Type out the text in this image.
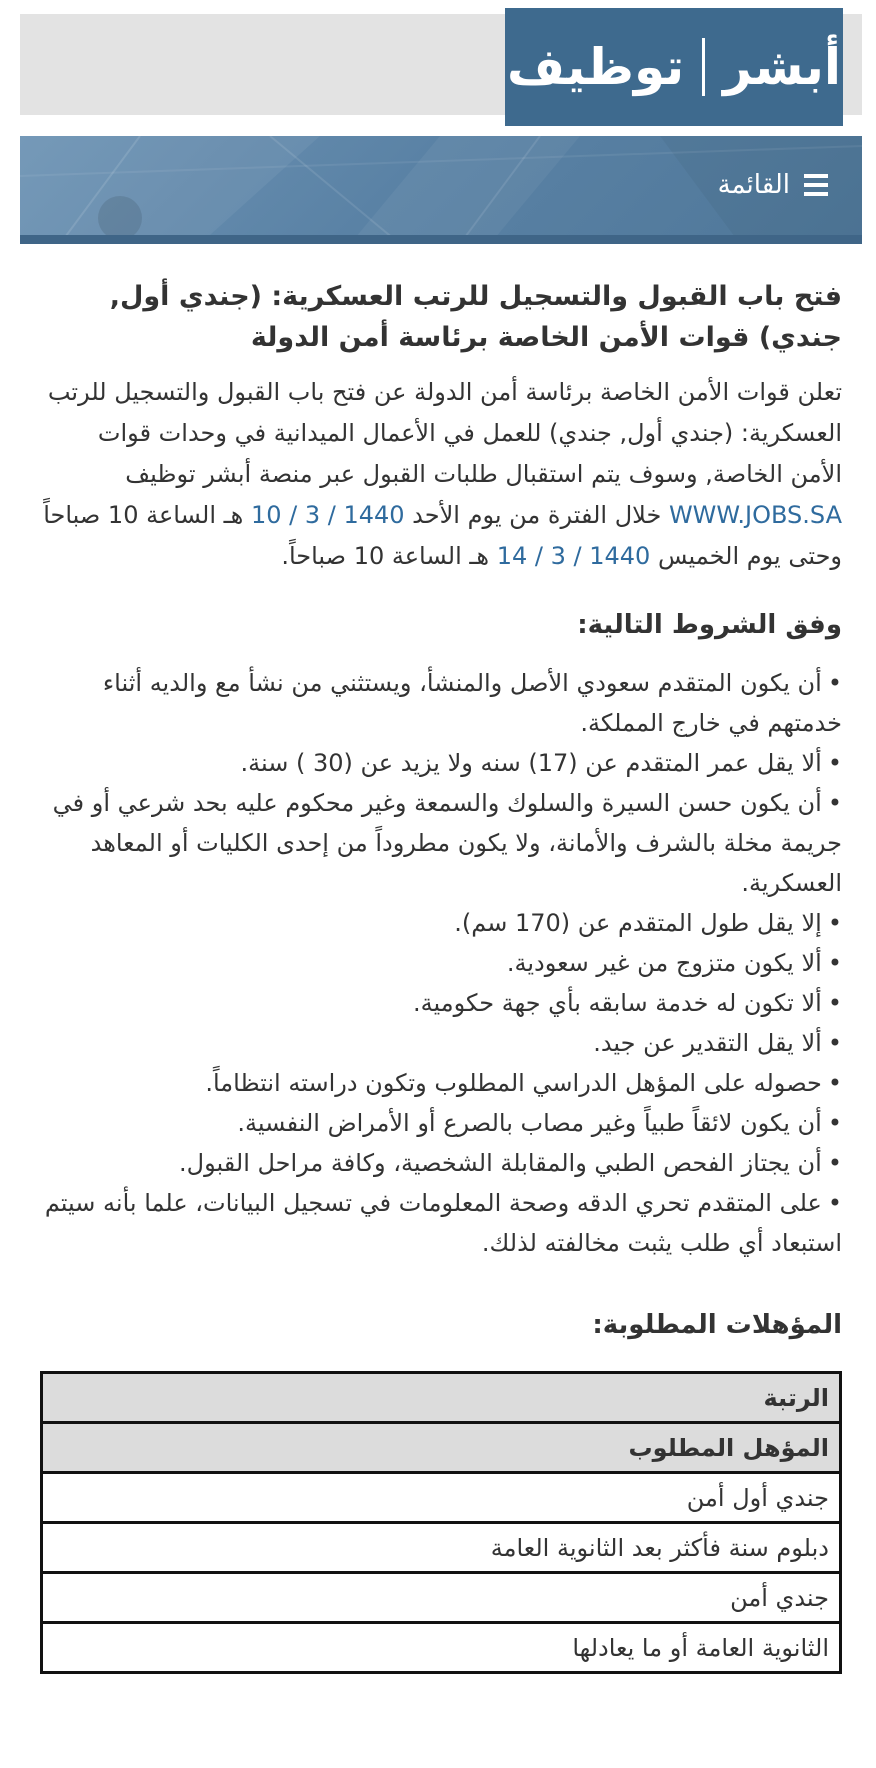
أبشر
توظيف
القائمة
فتح باب القبول والتسجيل للرتب العسكرية: (جندي أول, جندي) قوات الأمن الخاصة برئاسة أمن الدولة

تعلن قوات الأمن الخاصة برئاسة أمن الدولة عن فتح باب القبول والتسجيل للرتب العسكرية: (جندي أول, جندي) للعمل في الأعمال الميدانية في وحدات قوات الأمن الخاصة, وسوف يتم استقبال طلبات القبول عبر منصة أبشر توظيف WWW.JOBS.SA خلال الفترة من يوم الأحد 10 / 3 / 1440 هـ الساعة 10 صباحاً وحتى يوم الخميس 14 / 3 / 1440 هـ الساعة 10 صباحاً.

وفق الشروط التالية:
•أن يكون المتقدم سعودي الأصل والمنشأ، ويستثني من نشأ مع والديه أثناء خدمتهم في خارج المملكة.
•ألا يقل عمر المتقدم عن (17) سنه ولا يزيد عن (30 ) سنة.
•أن يكون حسن السيرة والسلوك والسمعة وغير محكوم عليه بحد شرعي أو في جريمة مخلة بالشرف والأمانة، ولا يكون مطروداً من إحدى الكليات أو المعاهد العسكرية.
•إلا يقل طول المتقدم عن (170 سم).
•ألا يكون متزوج من غير سعودية.
•ألا تكون له خدمة سابقه بأي جهة حكومية.
•ألا يقل التقدير عن جيد.
•حصوله على المؤهل الدراسي المطلوب وتكون دراسته انتظاماً.
•أن يكون لائقاً طبياً وغير مصاب بالصرع أو الأمراض النفسية.
•أن يجتاز الفحص الطبي والمقابلة الشخصية، وكافة مراحل القبول.
•على المتقدم تحري الدقه وصحة المعلومات في تسجيل البيانات، علما بأنه سيتم استبعاد أي طلب يثبت مخالفته لذلك.
المؤهلات المطلوبة:
الرتبة
المؤهل المطلوب
جندي أول أمن
دبلوم سنة فأكثر بعد الثانوية العامة
جندي أمن
الثانوية العامة أو ما يعادلها
